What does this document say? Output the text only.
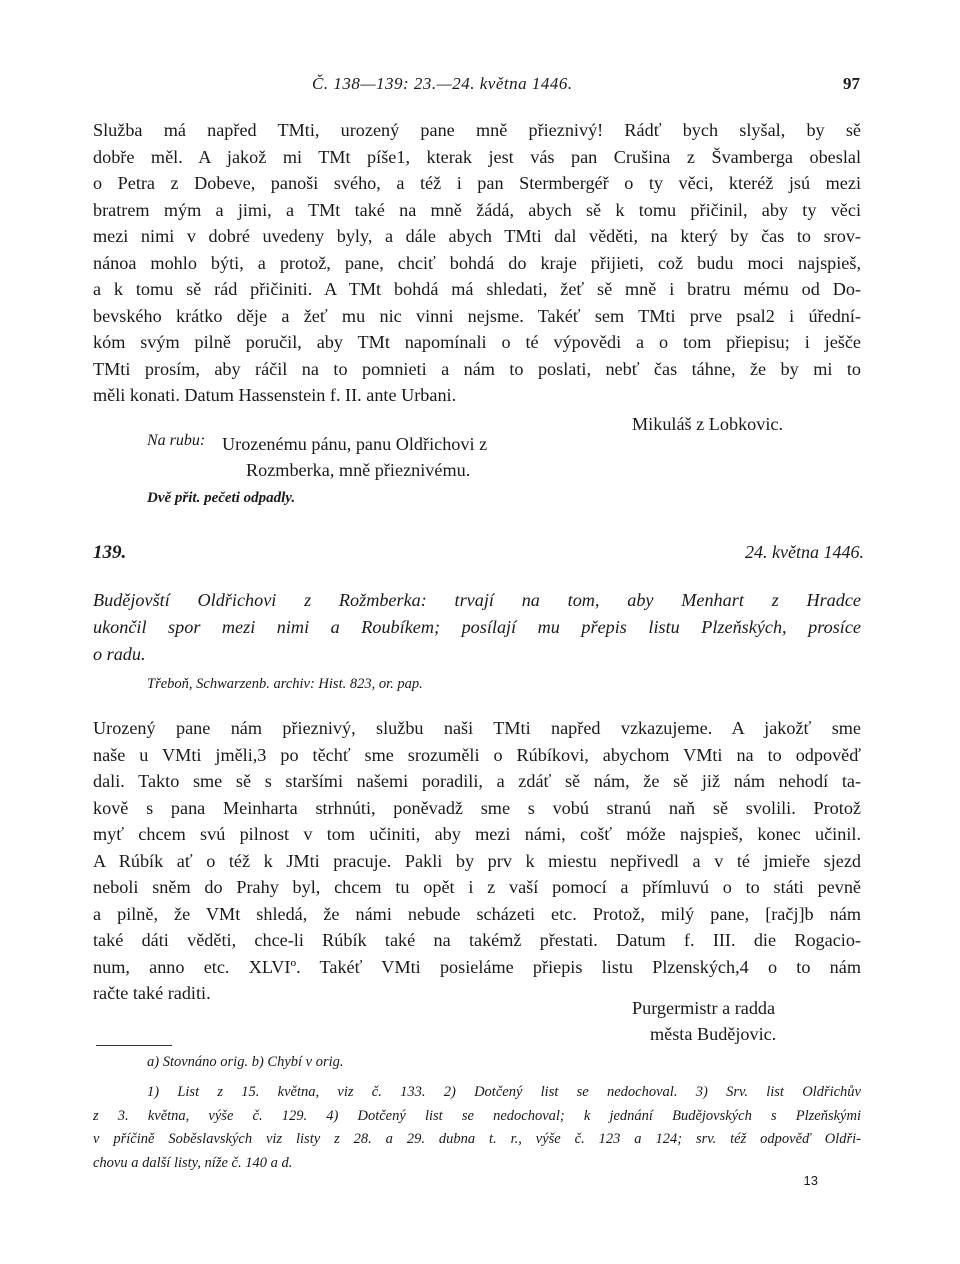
Č. 138—139: 23.—24. května 1446.	97
Služba má napřed TMti, urozený pane mně přieznivý! Rádť bych slyšal, by sě
dobře měl. A jakož mi TMt píše1, kterak jest vás pan Crušina z Švamberga obeslal
o Petra z Dobeve, panoši svého, a též i pan Stermbergéř o ty věci, kteréž jsú mezi
bratrem mým a jimi, a TMt také na mně žádá, abych sě k tomu přičinil, aby ty věci
mezi nimi v dobré uvedeny byly, a dále abych TMti dal věděti, na který by čas to srov-
nánoa mohlo býti, a protož, pane, chciť bohdá do kraje přijieti, což budu moci najspieš,
a k tomu sě rád přičiniti. A TMt bohdá má shledati, žeť sě mně i bratru mému od Do-
bevského krátko děje a žeť mu nic vinni nejsme. Takéť sem TMti prve psal2 i úřední-
kóm svým pilně poručil, aby TMt napomínali o té výpovědi a o tom přiepisu; i ješče
TMti prosím, aby ráčil na to pomnieti a nám to poslati, nebť čas táhne, že by mi to
měli konati. Datum Hassenstein f. II. ante Urbani.
Mikuláš z Lobkovic.
Na rubu: Urozenému pánu, panu Oldřichovi z
Rozmberka, mně přieznivému.
Dvě přit. pečeti odpadly.
139.	24. května 1446.
Budějovští Oldřichovi z Rožmberka: trvají na tom, aby Menhart z Hradce
ukončil spor mezi nimi a Roubíkem; posílají mu přepis listu Plzeňských, prosíce
o radu.
Třeboň, Schwarzenb. archiv: Hist. 823, or. pap.
Urozený pane nám přieznivý, službu naši TMti napřed vzkazujeme. A jakožť sme
naše u VMti jměli,3 po těchť sme srozuměli o Rúbíkovi, abychom VMti na to odpověď
dali. Takto sme sě s staršími našemi poradili, a zdáť sě nám, že sě již nám nehodí ta-
kově s pana Meinharta strhnúti, poněvadž sme s vobú stranú naň sě svolili. Protož
myť chcem svú pilnost v tom učiniti, aby mezi námi, cošť móže najspieš, konec učinil.
A Rúbík ať o též k JMti pracuje. Pakli by prv k miestu nepřivedl a v té jmieře sjezd
neboli sněm do Prahy byl, chcem tu opět i z vaší pomocí a přímluvú o to státi pevně
a pilně, že VMt shledá, že námi nebude scházeti etc. Protož, milý pane, [račj]b nám
také dáti věděti, chce-li Rúbík také na takémž přestati. Datum f. III. die Rogacio-
num, anno etc. XLVIº. Takéť VMti posieláme přiepis listu Plzenských,4 o to nám
račte také raditi.
Purgermistr a radda
města Budějovic.
a) Stovnáno orig. b) Chybí v orig.
1) List z 15. května, viz č. 133. 2) Dotčený list se nedochoval. 3) Srv. list Oldřichův
z 3. května, výše č. 129. 4) Dotčený list se nedochoval; k jednání Budějovských s Plzeňskými
v příčině Soběslavských viz listy z 28. a 29. dubna t. r., výše č. 123 a 124; srv. též odpověď Oldři-
chovu a další listy, níže č. 140 a d.
13
